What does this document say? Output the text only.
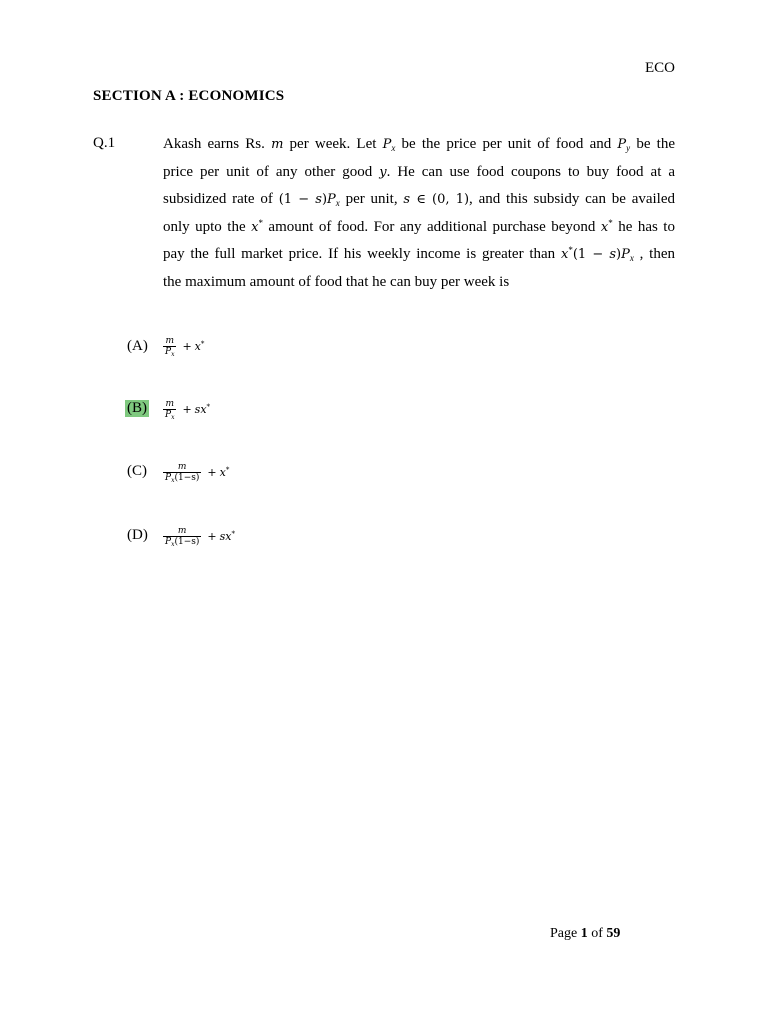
ECO
SECTION A : ECONOMICS
Q.1	Akash earns Rs. m per week. Let $P_x$ be the price per unit of food and $P_y$ be the
price per unit of any other good y. He can use food coupons to buy food at a
subsidized rate of $(1 - s)P_x$ per unit, s ∈ (0, 1), and this subsidy can be availed
only upto the x* amount of food. For any additional purchase beyond x* he has to
pay the full market price. If his weekly income is greater than $x^*(1 - s)P_x$ , then
the maximum amount of food that he can buy per week is
$(A) \frac{m}{P_x} + x^*$
$(B) \frac{m}{P_x} + sx^*$
$(C) \frac{m}{P_x(1-s)} + x^*$
$(D) \frac{m}{P_x(1-s)} + sx^*$
Page 1 of 59
